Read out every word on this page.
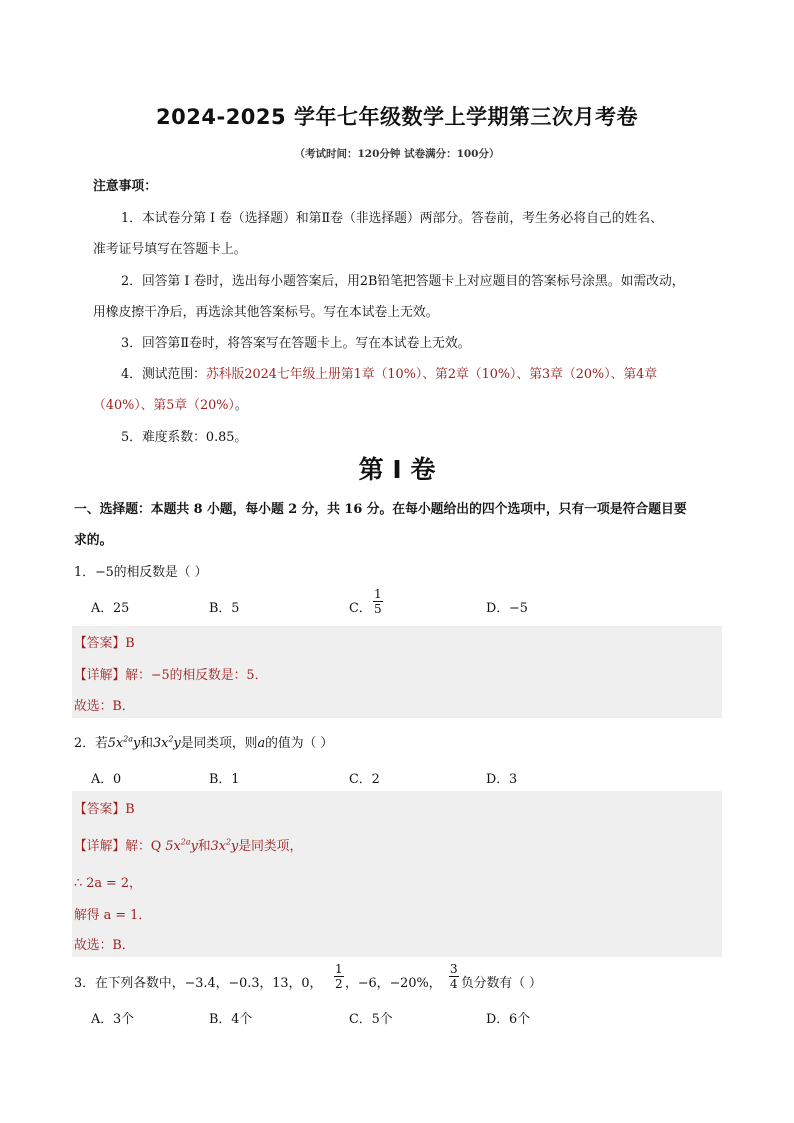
2024-2025 学年七年级数学上学期第三次月考卷
（考试时间：120分钟 试卷满分：100分）
注意事项：
1．本试卷分第 I 卷（选择题）和第Ⅱ卷（非选择题）两部分。答卷前，考生务必将自己的姓名、
准考证号填写在答题卡上。
2．回答第 I 卷时，选出每小题答案后，用2B铅笔把答题卡上对应题目的答案标号涂黑。如需改动，
用橡皮擦干净后，再选涂其他答案标号。写在本试卷上无效。
3．回答第Ⅱ卷时，将答案写在答题卡上。写在本试卷上无效。
4．测试范围：苏科版2024七年级上册第1章（10%）、第2章（10%）、第3章（20%）、第4章
（40%）、第5章（20%）。
5．难度系数：0.85。
第 I 卷
一、选择题：本题共 8 小题，每小题 2 分，共 16 分。在每小题给出的四个选项中，只有一项是符合题目要
求的。
1．−5的相反数是（ ）
A．25	B．5	C． $\frac{1}{5}$	D．−5
【答案】B
【详解】解：−5的相反数是：5．
故选：B．
2．若$5x^{2a}y$和$3x^2y$是同类项，则a的值为（ ）
A．0	B．1	C．2	D．3
【答案】B
【详解】解：Q $5x^{2a}y$和$3x^2y$是同类项，
∴ 2a = 2，
解得 a = 1．
故选：B．
3．在下列各数中，−3.4，−0.3，13，0， $\frac{1}{2}$ ，−6，−20%， $\frac{3}{4}$ 负分数有（ ）
A．3个	B．4个	C．5个	D．6个
